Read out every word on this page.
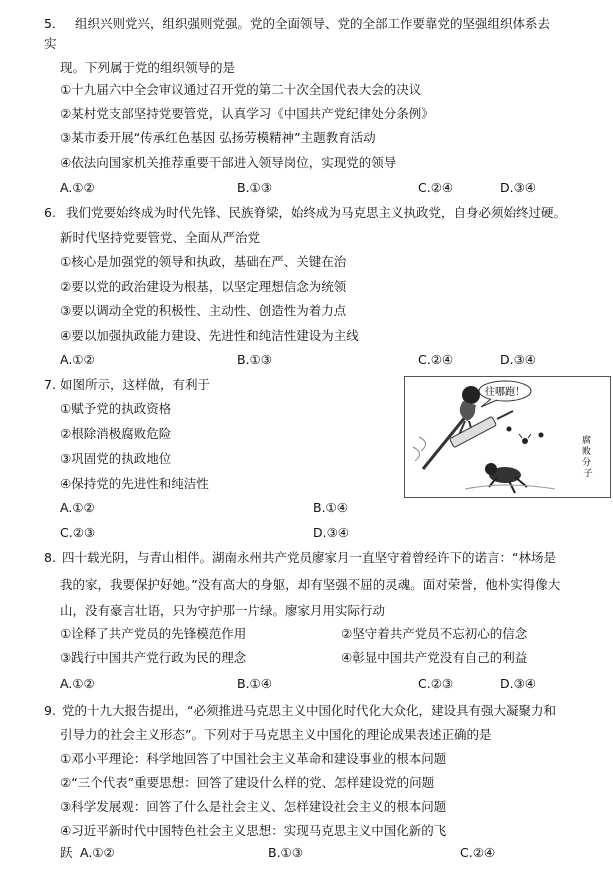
5． 组织兴则党兴，组织强则党强。党的全面领导、党的全部工作要靠党的坚强组织体系去
实
现。下列属于党的组织领导的是
①十九届六中全会审议通过召开党的第二十次全国代表大会的决议
②某村党支部坚持党要管党，认真学习《中国共产党纪律处分条例》
③某市委开展“传承红色基因 弘扬劳模精神”主题教育活动
④依法向国家机关推荐重要干部进入领导岗位，实现党的领导
A.①②	B.①③	C.②④	D.③④
6. 我们党要始终成为时代先锋、民族脊梁，始终成为马克思主义执政党，自身必须始终过硬。
新时代坚持党要管党、全面从严治党
①核心是加强党的领导和执政，基础在严、关键在治
②要以党的政治建设为根基，以坚定理想信念为统领
③要以调动全党的积极性、主动性、创造性为着力点
④要以加强执政能力建设、先进性和纯洁性建设为主线
A.①②	B.①③	C.②④	D.③④
7. 如图所示，这样做，有利于
①赋予党的执政资格
②根除消极腐败危险
③巩固党的执政地位
④保持党的先进性和纯洁性
A.①②	B.①④
C.②③	D.③④
往哪跑！
腐 败 分 子
8. 四十载光阴，与青山相伴。湖南永州共产党员廖家月一直坚守着曾经许下的诺言：“林场是
我的家，我要保护好她。”没有高大的身躯，却有坚强不屈的灵魂。面对荣誉，他朴实得像大
山，没有豪言壮语，只为守护那一片绿。廖家月用实际行动
①诠释了共产党员的先锋模范作用	②坚守着共产党员不忘初心的信念
③践行中国共产党行政为民的理念	④彰显中国共产党没有自己的利益
A.①②	B.①④	C.②③	D.③④
9. 党的十九大报告提出，“必须推进马克思主义中国化时代化大众化，建设具有强大凝聚力和
引导力的社会主义形态”。下列对于马克思主义中国化的理论成果表述正确的是
①邓小平理论：科学地回答了中国社会主义革命和建设事业的根本问题
②“三个代表”重要思想：回答了建设什么样的党、怎样建设党的问题
③科学发展观：回答了什么是社会主义、怎样建设社会主义的根本问题
④习近平新时代中国特色社会主义思想：实现马克思主义中国化新的飞
跃 A.①②	B.①③	C.②④
